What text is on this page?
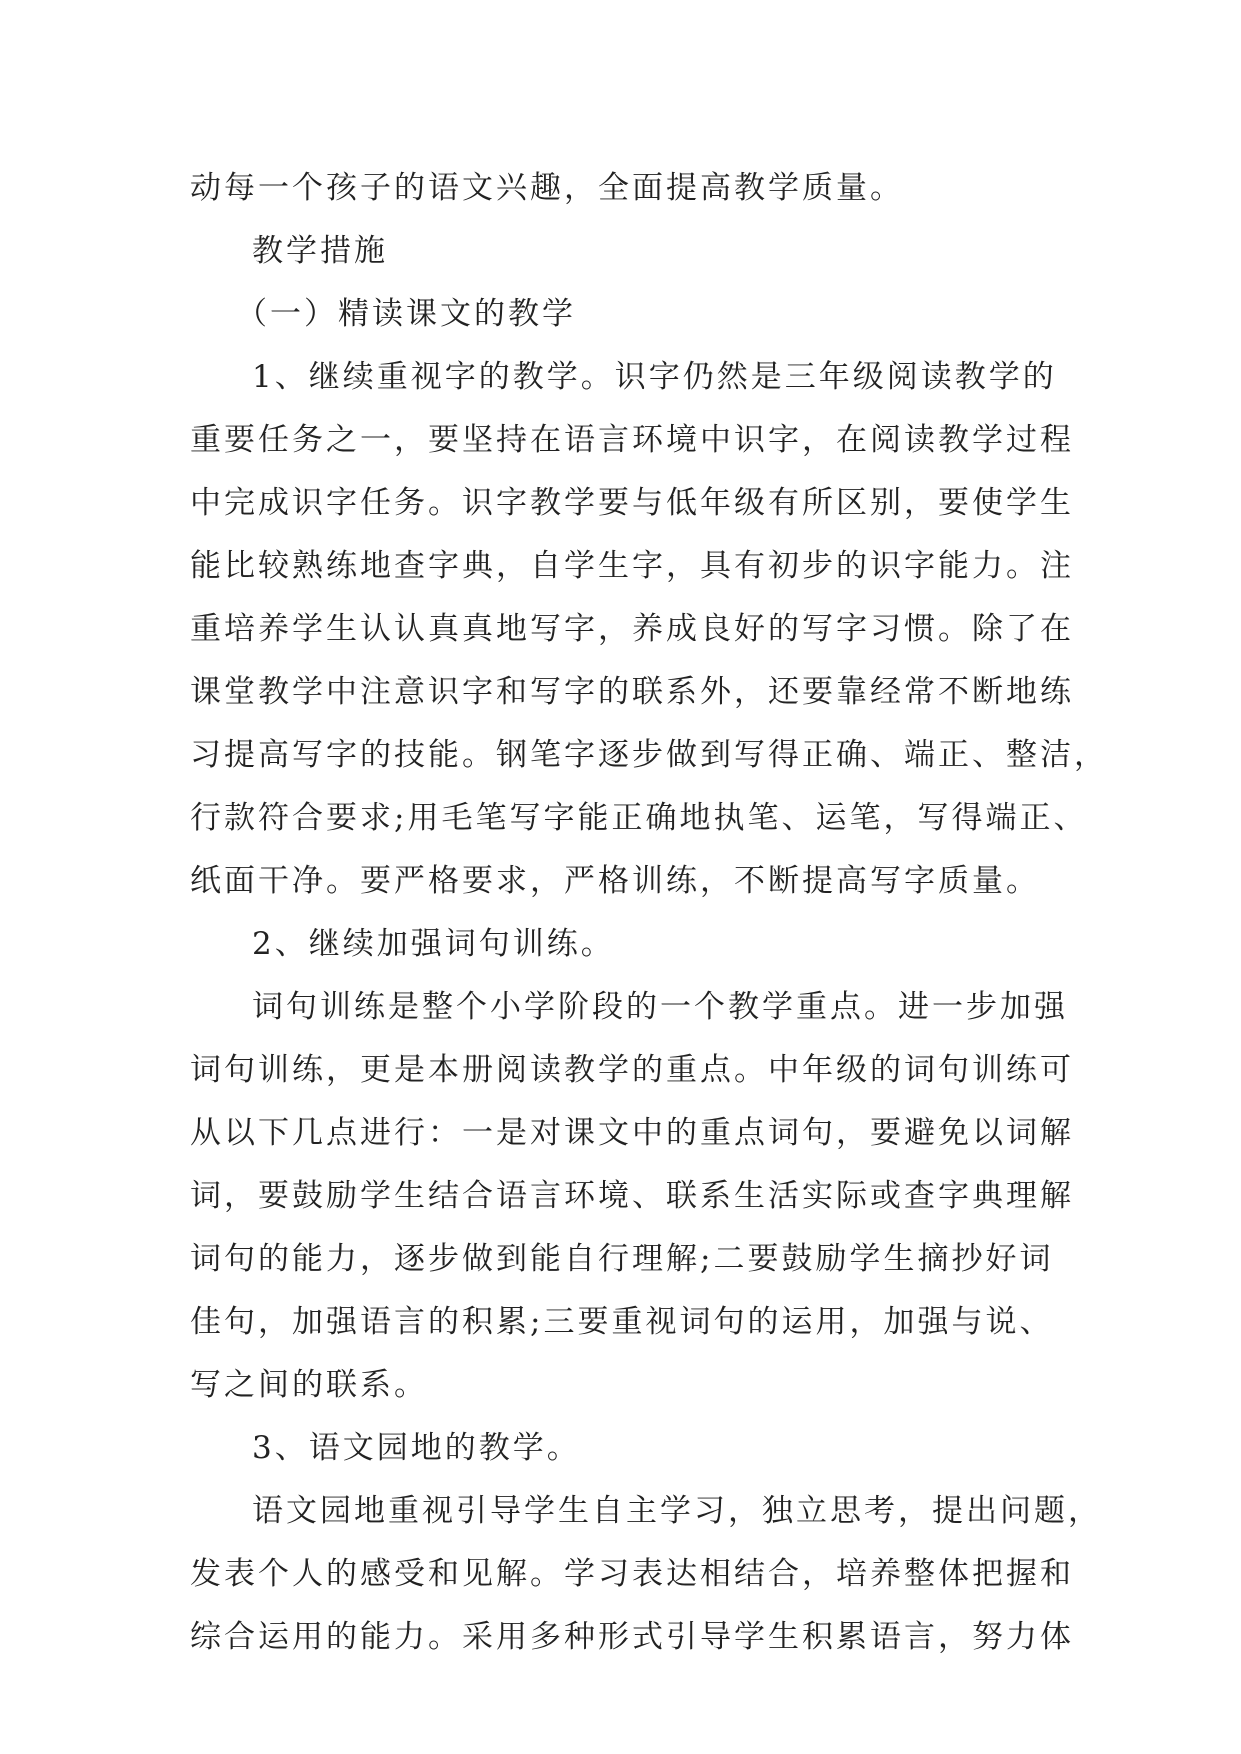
动每一个孩子的语文兴趣，全面提高教学质量。
教学措施
（一）精读课文的教学
1、继续重视字的教学。识字仍然是三年级阅读教学的
重要任务之一，要坚持在语言环境中识字，在阅读教学过程
中完成识字任务。识字教学要与低年级有所区别，要使学生
能比较熟练地查字典，自学生字，具有初步的识字能力。注
重培养学生认认真真地写字，养成良好的写字习惯。除了在
课堂教学中注意识字和写字的联系外，还要靠经常不断地练
习提高写字的技能。钢笔字逐步做到写得正确、端正、整洁，
行款符合要求;用毛笔写字能正确地执笔、运笔，写得端正、
纸面干净。要严格要求，严格训练，不断提高写字质量。
2、继续加强词句训练。
词句训练是整个小学阶段的一个教学重点。进一步加强
词句训练，更是本册阅读教学的重点。中年级的词句训练可
从以下几点进行：一是对课文中的重点词句，要避免以词解
词，要鼓励学生结合语言环境、联系生活实际或查字典理解
词句的能力，逐步做到能自行理解;二要鼓励学生摘抄好词
佳句，加强语言的积累;三要重视词句的运用，加强与说、
写之间的联系。
3、语文园地的教学。
语文园地重视引导学生自主学习，独立思考，提出问题，
发表个人的感受和见解。学习表达相结合，培养整体把握和
综合运用的能力。采用多种形式引导学生积累语言，努力体
